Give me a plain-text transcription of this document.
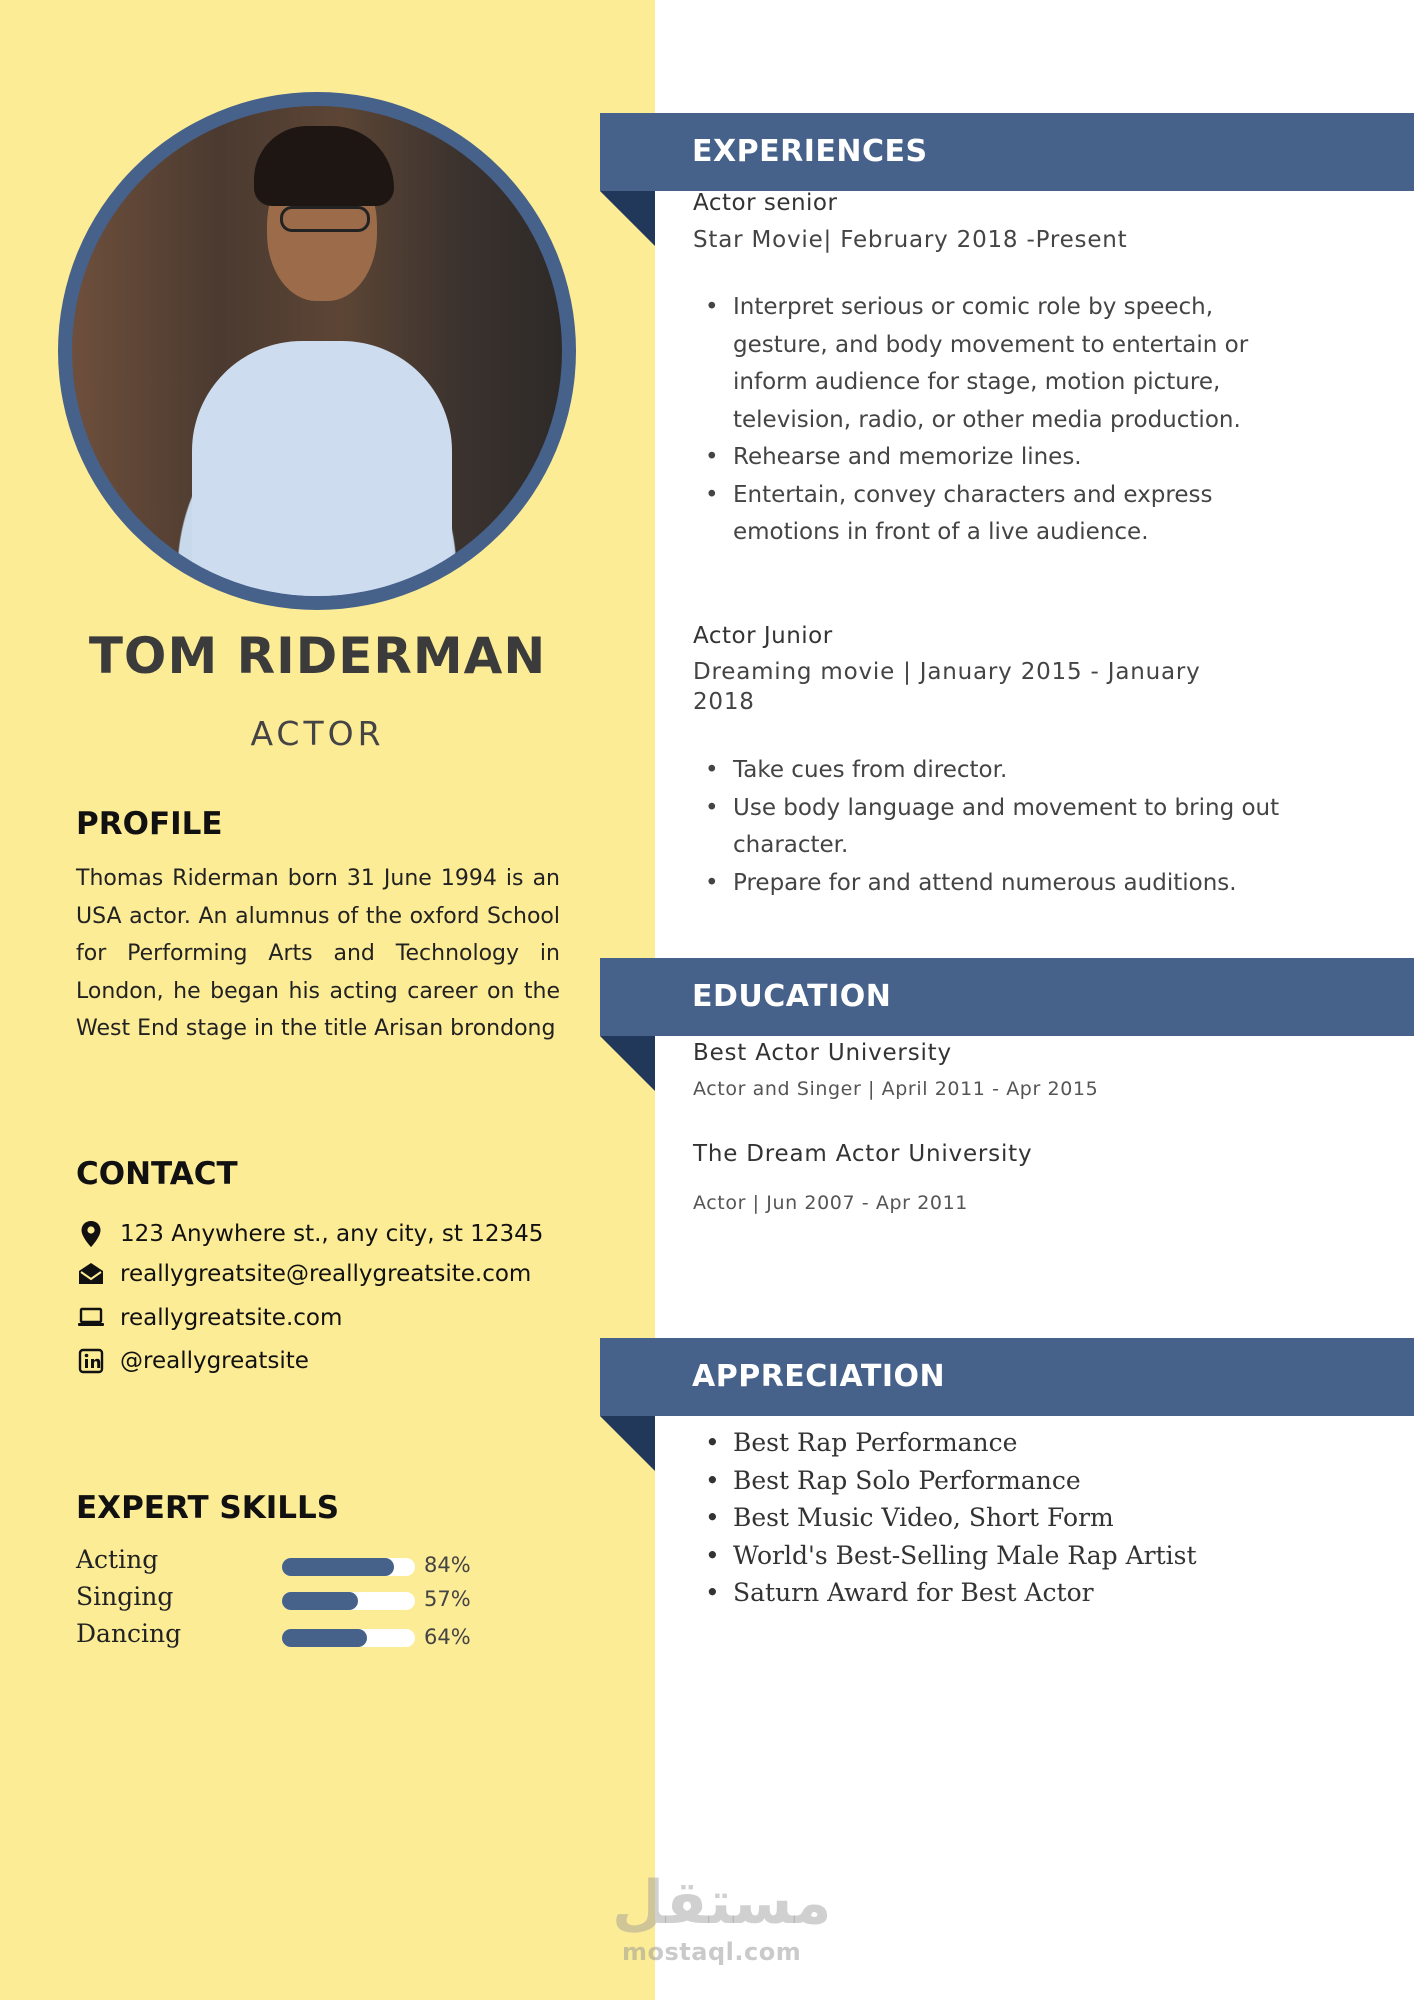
TOM RIDERMAN
ACTOR
PROFILE

Thomas Riderman born 31 June 1994 is an USA actor. An alumnus of the oxford School for Performing Arts and Technology in London, he began his acting career on the West End stage in the title Arisan brondong

CONTACT
123 Anywhere st., any city, st 12345
reallygreatsite@reallygreatsite.com
reallygreatsite.com
@reallygreatsite
EXPERT SKILLS
Acting	84%
Singing	57%
Dancing	64%
مستقل
mostaql.com
EXPERIENCES
Actor senior
Star Movie| February 2018 -Present
• Interpret serious or comic role by speech, gesture, and body movement to entertain or inform audience for stage, motion picture, television, radio, or other media production.
• Rehearse and memorize lines.
• Entertain, convey characters and express emotions in front of a live audience.
Actor Junior
Dreaming movie | January 2015 - January 2018
• Take cues from director.
• Use body language and movement to bring out character.
• Prepare for and attend numerous auditions.
EDUCATION
Best Actor University
Actor and Singer | April 2011 - Apr 2015
The Dream Actor University
Actor | Jun 2007 - Apr 2011
APPRECIATION
• Best Rap Performance
• Best Rap Solo Performance
• Best Music Video, Short Form
• World's Best-Selling Male Rap Artist
• Saturn Award for Best Actor
